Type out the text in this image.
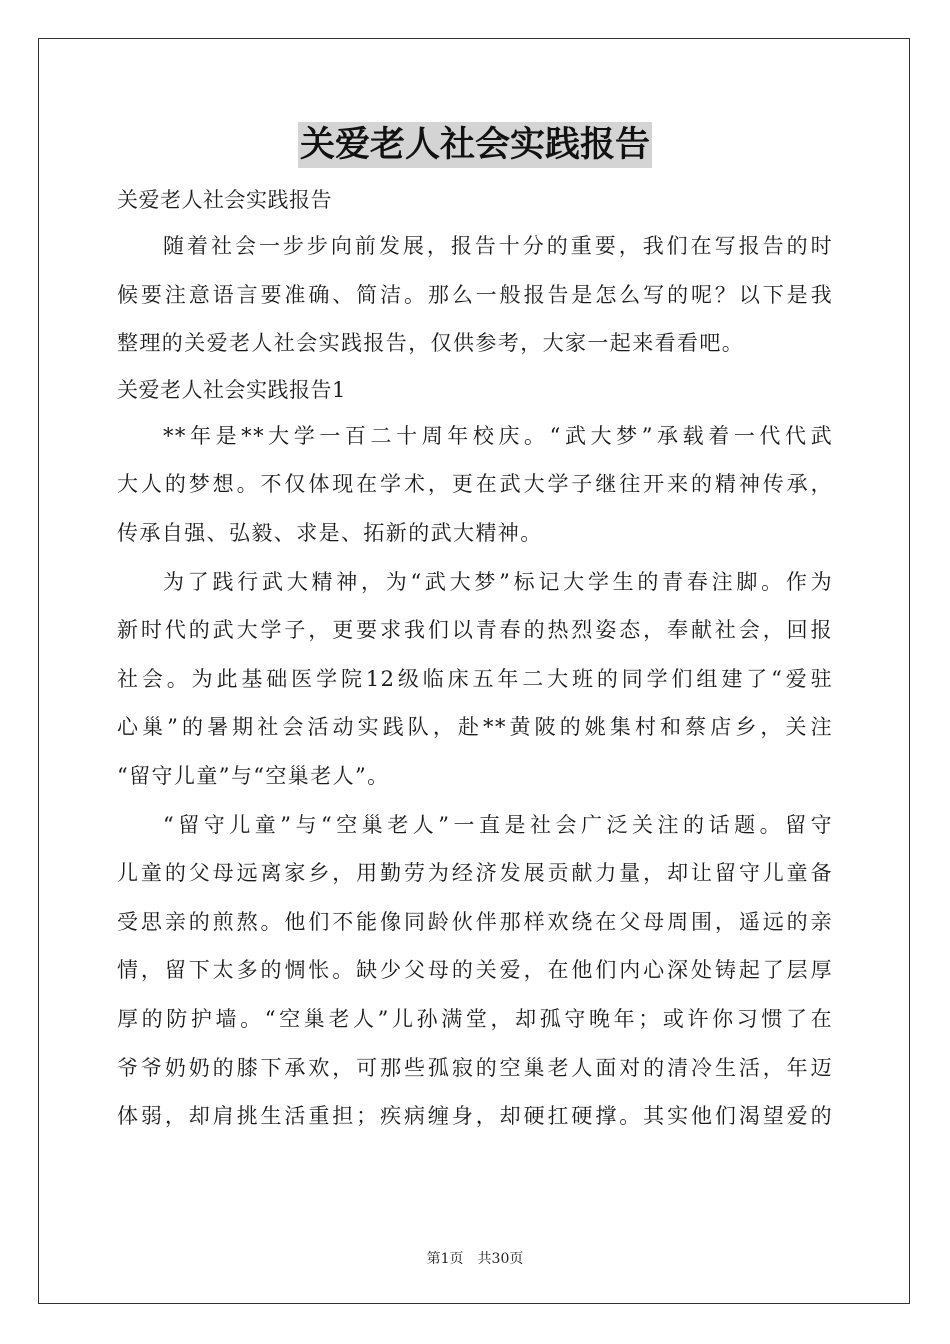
关爱老人社会实践报告
关爱老人社会实践报告
随着社会一步步向前发展，报告十分的重要，我们在写报告的时
候要注意语言要准确、简洁。那么一般报告是怎么写的呢？以下是我
整理的关爱老人社会实践报告，仅供参考，大家一起来看看吧。
关爱老人社会实践报告1
**年是**大学一百二十周年校庆。“武大梦”承载着一代代武
大人的梦想。不仅体现在学术，更在武大学子继往开来的精神传承，
传承自强、弘毅、求是、拓新的武大精神。
为了践行武大精神，为“武大梦”标记大学生的青春注脚。作为
新时代的武大学子，更要求我们以青春的热烈姿态，奉献社会，回报
社会。为此基础医学院12级临床五年二大班的同学们组建了“爱驻
心巢”的暑期社会活动实践队，赴**黄陂的姚集村和蔡店乡，关注
“留守儿童”与“空巢老人”。
“留守儿童”与“空巢老人”一直是社会广泛关注的话题。留守
儿童的父母远离家乡，用勤劳为经济发展贡献力量，却让留守儿童备
受思亲的煎熬。他们不能像同龄伙伴那样欢绕在父母周围，遥远的亲
情，留下太多的惆怅。缺少父母的关爱，在他们内心深处铸起了层厚
厚的防护墙。“空巢老人”儿孙满堂，却孤守晚年；或许你习惯了在
爷爷奶奶的膝下承欢，可那些孤寂的空巢老人面对的清冷生活，年迈
体弱，却肩挑生活重担；疾病缠身，却硬扛硬撑。其实他们渴望爱的
第1页　共30页
